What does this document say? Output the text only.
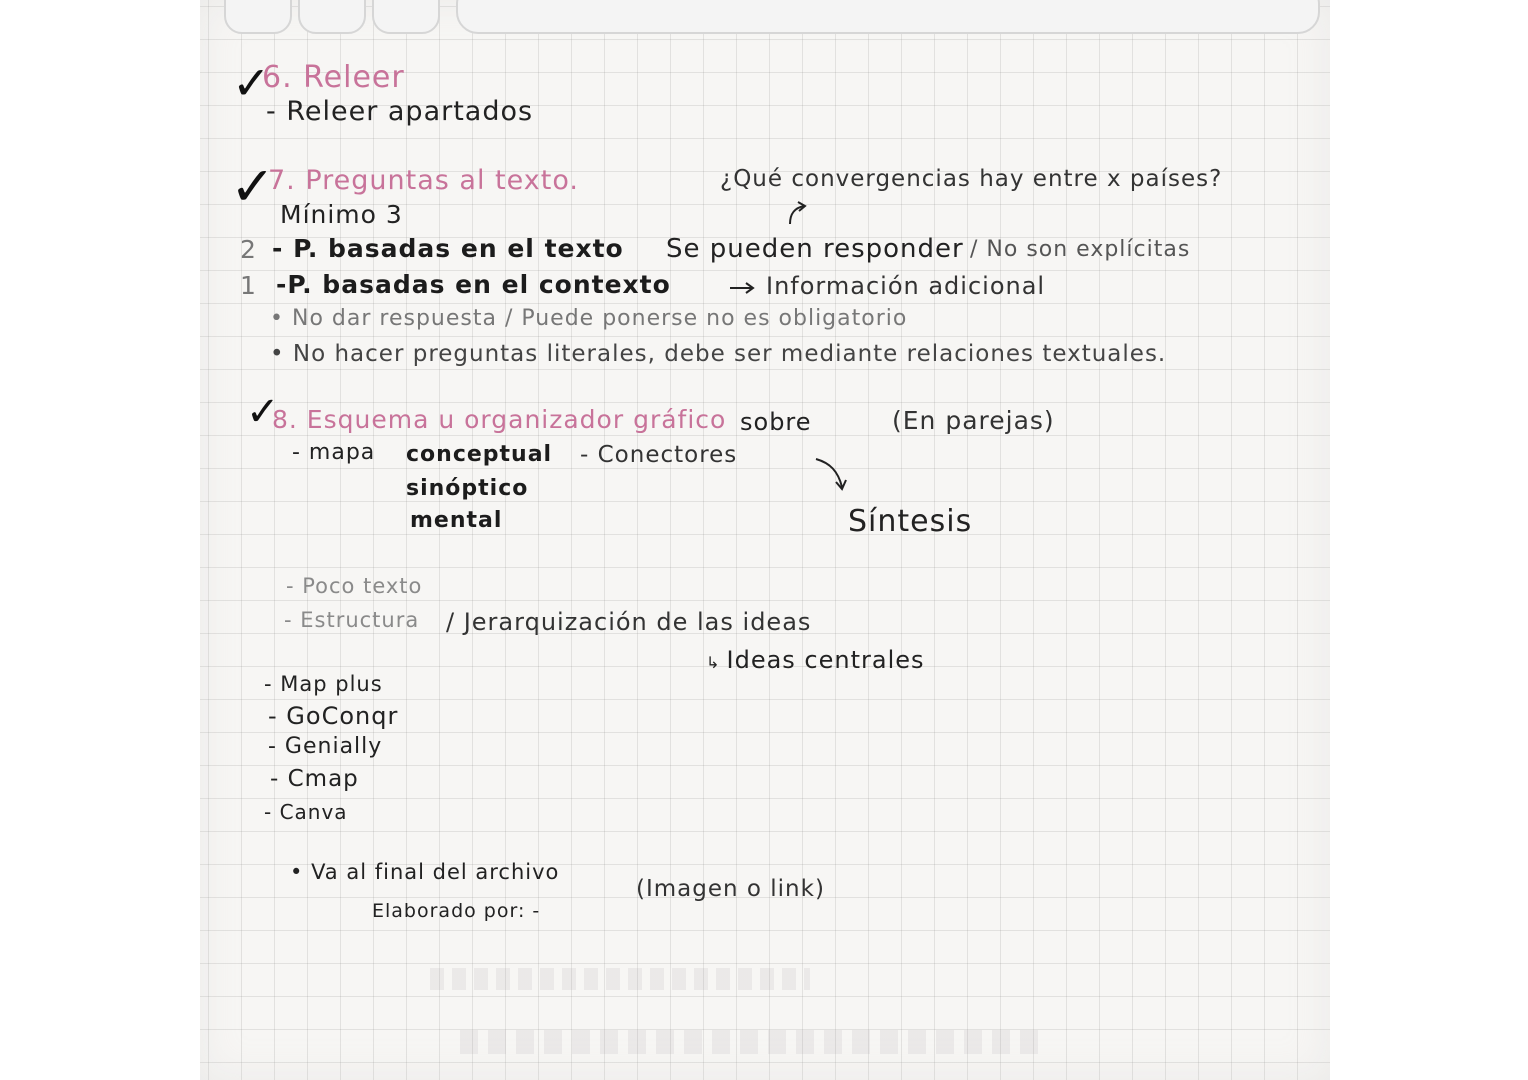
✓
6. Releer
- Releer apartados
✓
7. Preguntas al texto.	¿Qué convergencias hay entre x países?
Mínimo 3
2 - P. basadas en el texto Se pueden responder / No son explícitas
1 -P. basadas en el contexto	Información adicional
• No dar respuesta / Puede ponerse no es obligatorio
• No hacer preguntas literales, debe ser mediante relaciones textuales.
✓
8. Esquema u organizador gráfico sobre	(En parejas)
- mapa conceptual
sinóptico
mental
- Conectores
Síntesis
- Poco texto
- Estructura / Jerarquización de las ideas
↳ Ideas centrales
- Map plus
- GoConqr
- Genially
- Cmap
- Canva
• Va al final del archivo
(Imagen o link)
Elaborado por: -
